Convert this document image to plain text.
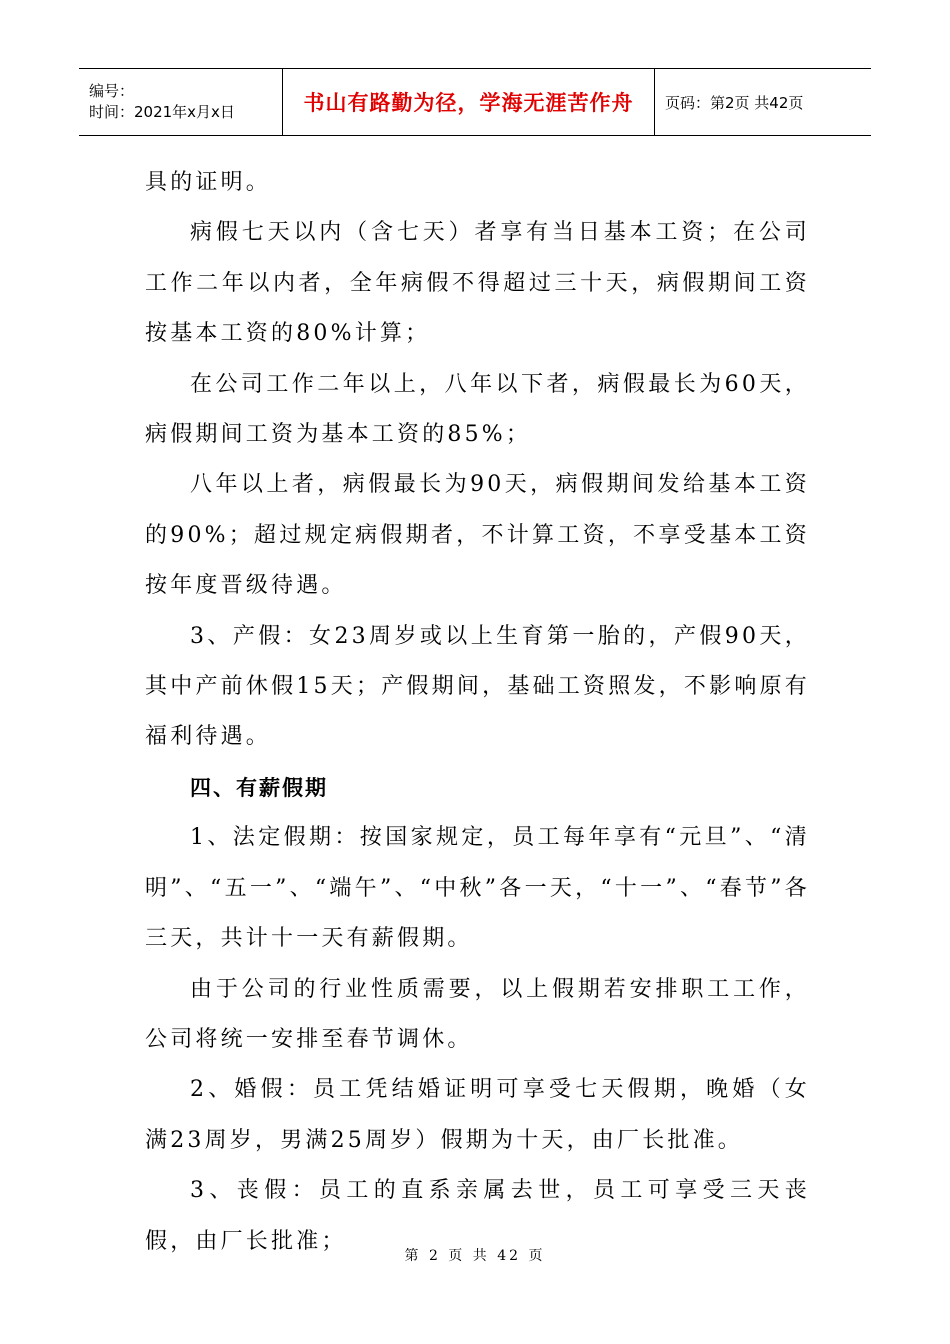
编号：
时间：2021年x月x日	书山有路勤为径，学海无涯苦作舟 页码：第2页 共42页

具的证明。

病假七天以内（含七天）者享有当日基本工资；在公司工作二年以内者，全年病假不得超过三十天，病假期间工资按基本工资的80%计算；

在公司工作二年以上，八年以下者，病假最长为60天，病假期间工资为基本工资的85%；

八年以上者，病假最长为90天，病假期间发给基本工资的90%；超过规定病假期者，不计算工资，不享受基本工资按年度晋级待遇。

3、产假：女23周岁或以上生育第一胎的，产假90天，其中产前休假15天；产假期间，基础工资照发，不影响原有福利待遇。

四、有薪假期

1、法定假期：按国家规定，员工每年享有“元旦”、“清明”、“五一”、“端午”、“中秋”各一天，“十一”、“春节”各三天，共计十一天有薪假期。

由于公司的行业性质需要，以上假期若安排职工工作，公司将统一安排至春节调休。

2、婚假：员工凭结婚证明可享受七天假期，晚婚（女满23周岁，男满25周岁）假期为十天，由厂长批准。

3、丧假：员工的直系亲属去世，员工可享受三天丧假，由厂长批准；

第 2 页 共 42 页
